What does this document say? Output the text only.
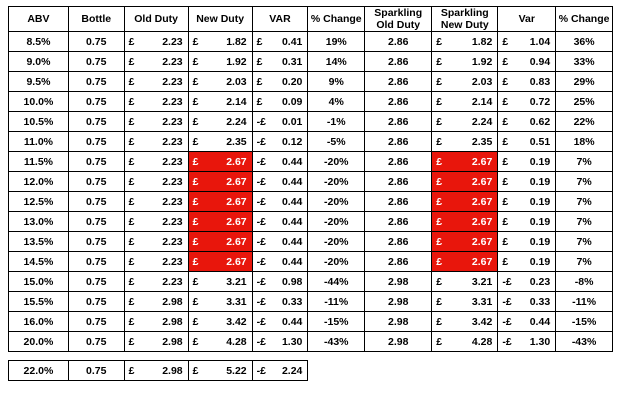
ABV	Bottle	Old Duty	New Duty	VAR	% Change	Sparkling Old Duty	Sparkling New Duty	Var	% Change
8.5%	0.75	£ 2.23	£ 1.82	£ 0.41	19%	2.86	£ 1.82	£ 1.04	36%
9.0%	0.75	£ 2.23	£ 1.92	£ 0.31	14%	2.86	£ 1.92	£ 0.94	33%
9.5%	0.75	£ 2.23	£ 2.03	£ 0.20	9%	2.86	£ 2.03	£ 0.83	29%
10.0%	0.75	£ 2.23	£ 2.14	£ 0.09	4%	2.86	£ 2.14	£ 0.72	25%
10.5%	0.75	£ 2.23	£ 2.24	-£ 0.01	-1%	2.86	£ 2.24	£ 0.62	22%
11.0%	0.75	£ 2.23	£ 2.35	-£ 0.12	-5%	2.86	£ 2.35	£ 0.51	18%
11.5%	0.75	£ 2.23	£ 2.67	-£ 0.44	-20%	2.86	£ 2.67	£ 0.19	7%
12.0%	0.75	£ 2.23	£ 2.67	-£ 0.44	-20%	2.86	£ 2.67	£ 0.19	7%
12.5%	0.75	£ 2.23	£ 2.67	-£ 0.44	-20%	2.86	£ 2.67	£ 0.19	7%
13.0%	0.75	£ 2.23	£ 2.67	-£ 0.44	-20%	2.86	£ 2.67	£ 0.19	7%
13.5%	0.75	£ 2.23	£ 2.67	-£ 0.44	-20%	2.86	£ 2.67	£ 0.19	7%
14.5%	0.75	£ 2.23	£ 2.67	-£ 0.44	-20%	2.86	£ 2.67	£ 0.19	7%
15.0%	0.75	£ 2.23	£ 3.21	-£ 0.98	-44%	2.98	£ 3.21	-£ 0.23	-8%
15.5%	0.75	£ 2.98	£ 3.31	-£ 0.33	-11%	2.98	£ 3.31	-£ 0.33	-11%
16.0%	0.75	£ 2.98	£ 3.42	-£ 0.44	-15%	2.98	£ 3.42	-£ 0.44	-15%
20.0%	0.75	£ 2.98	£ 4.28	-£ 1.30	-43%	2.98	£ 4.28	-£ 1.30	-43%

22.0%	0.75	£ 2.98	£ 5.22	-£ 2.24					
